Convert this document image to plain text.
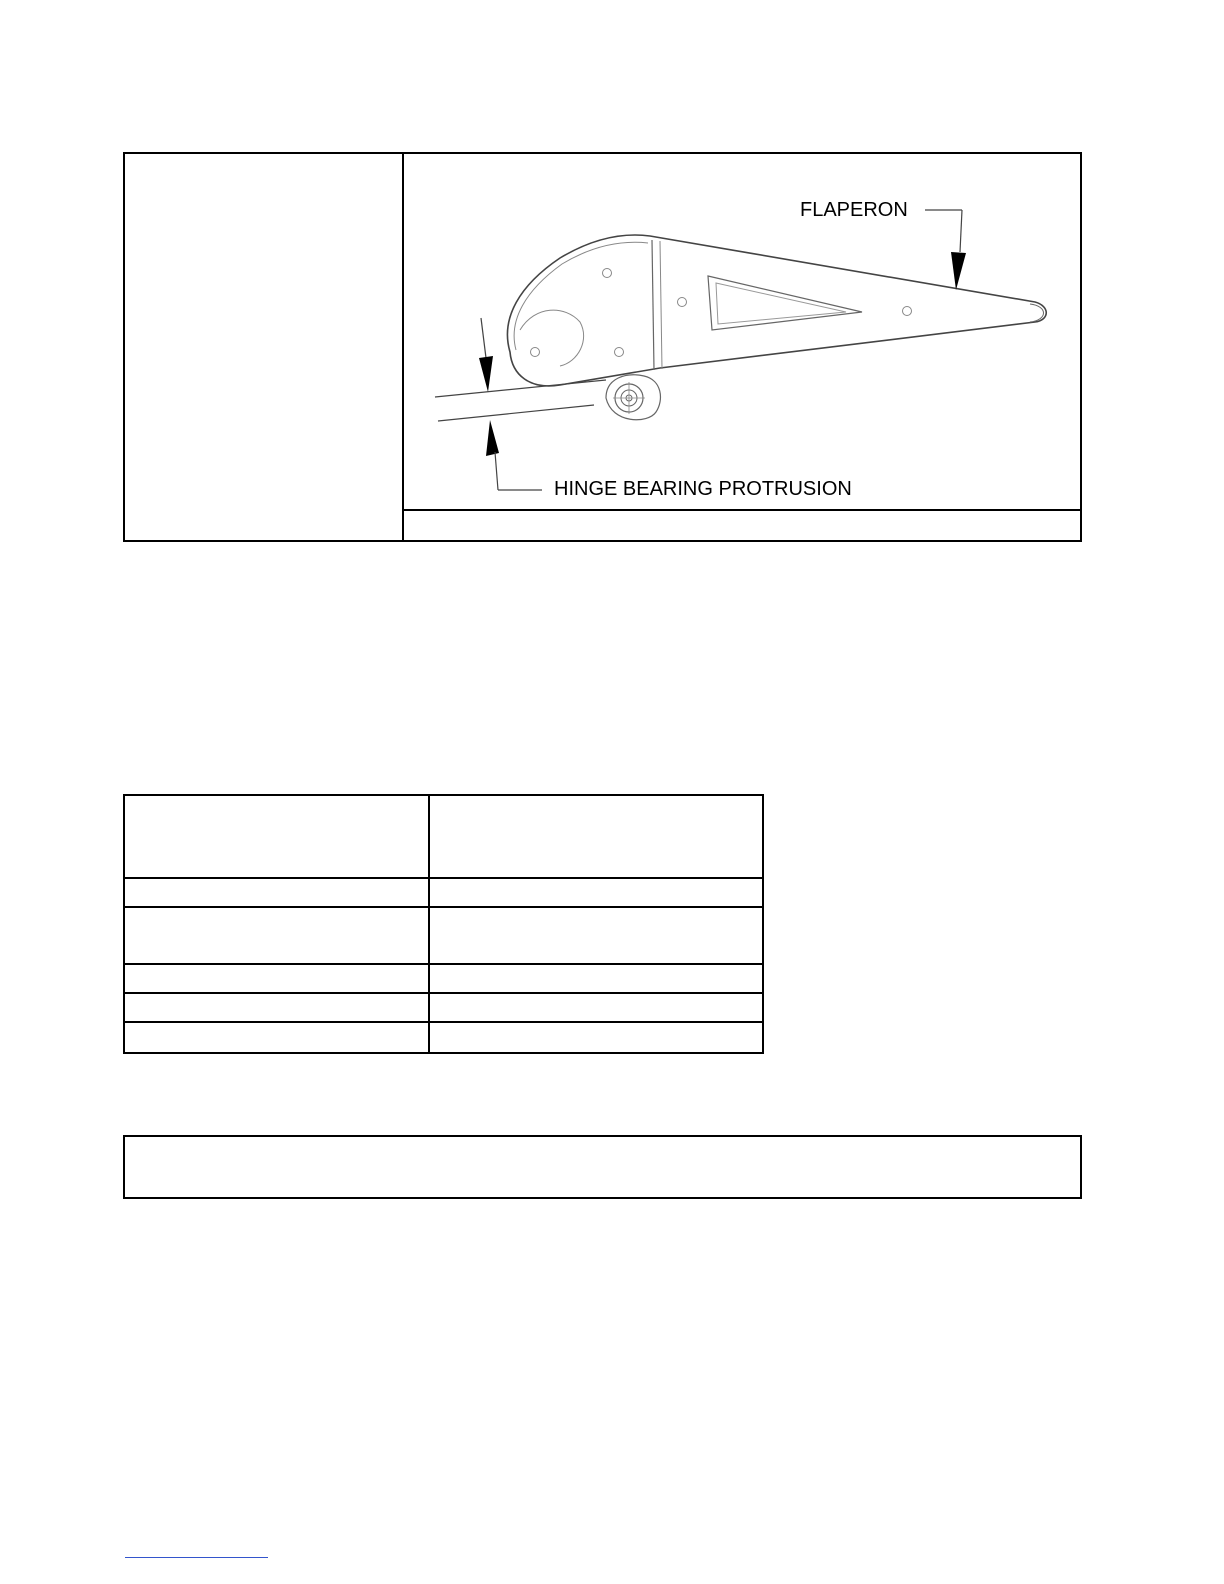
FLAPERON
HINGE BEARING PROTRUSION
